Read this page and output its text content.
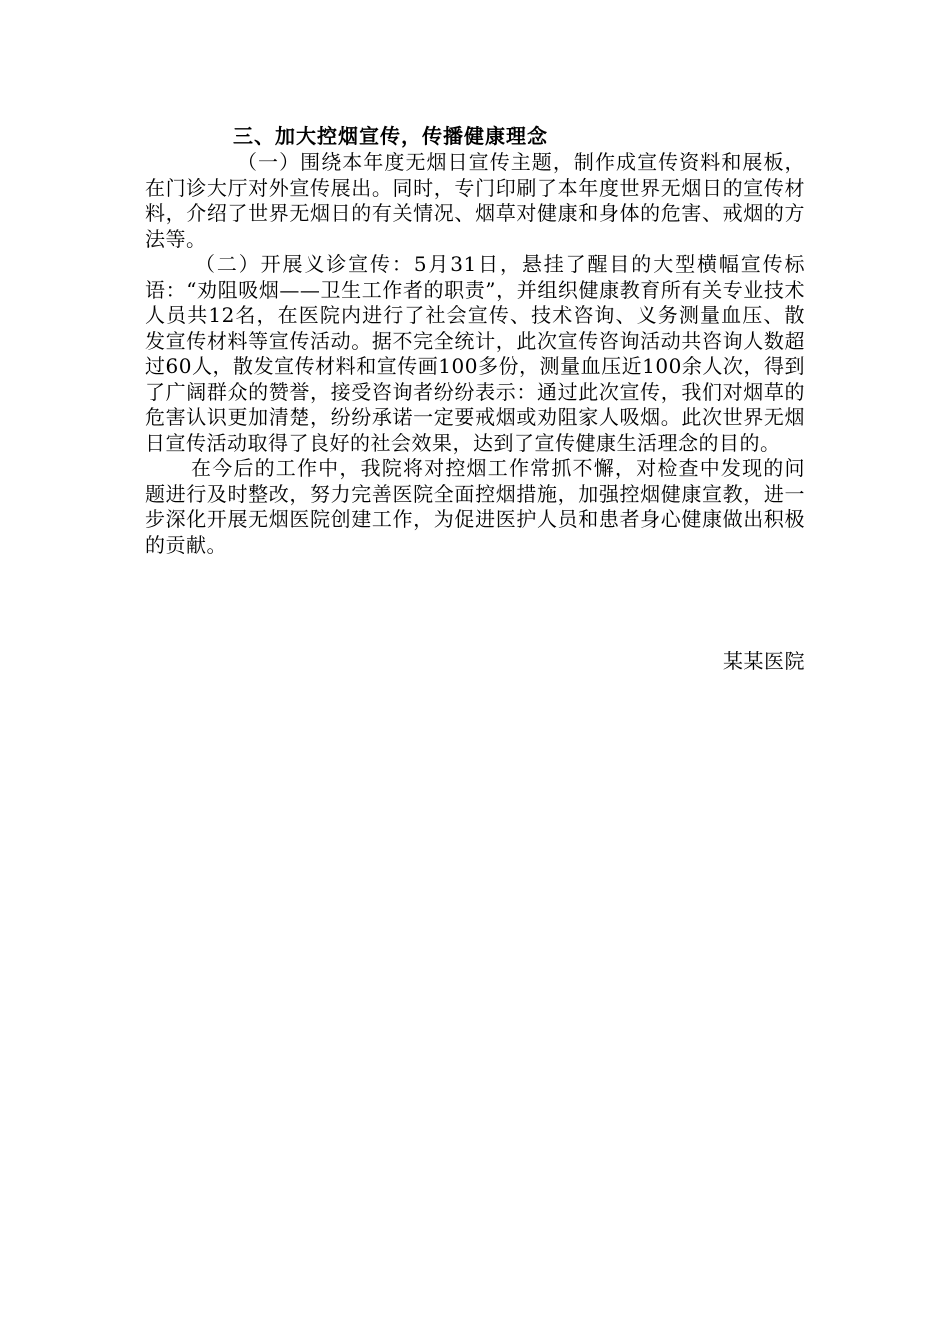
三、加大控烟宣传，传播健康理念

（一）围绕本年度无烟日宣传主题，制作成宣传资料和展板，在门诊大厅对外宣传展出。同时，专门印刷了本年度世界无烟日的宣传材料，介绍了世界无烟日的有关情况、烟草对健康和身体的危害、戒烟的方法等。

（二）开展义诊宣传：5月31日，悬挂了醒目的大型横幅宣传标语：“劝阻吸烟——卫生工作者的职责”，并组织健康教育所有关专业技术人员共12名，在医院内进行了社会宣传、技术咨询、义务测量血压、散发宣传材料等宣传活动。据不完全统计，此次宣传咨询活动共咨询人数超过60人，散发宣传材料和宣传画100多份，测量血压近100余人次，得到了广阔群众的赞誉，接受咨询者纷纷表示：通过此次宣传，我们对烟草的危害认识更加清楚，纷纷承诺一定要戒烟或劝阻家人吸烟。此次世界无烟日宣传活动取得了良好的社会效果，达到了宣传健康生活理念的目的。

在今后的工作中，我院将对控烟工作常抓不懈，对检查中发现的问题进行及时整改，努力完善医院全面控烟措施，加强控烟健康宣教，进一步深化开展无烟医院创建工作，为促进医护人员和患者身心健康做出积极的贡献。

某某医院
